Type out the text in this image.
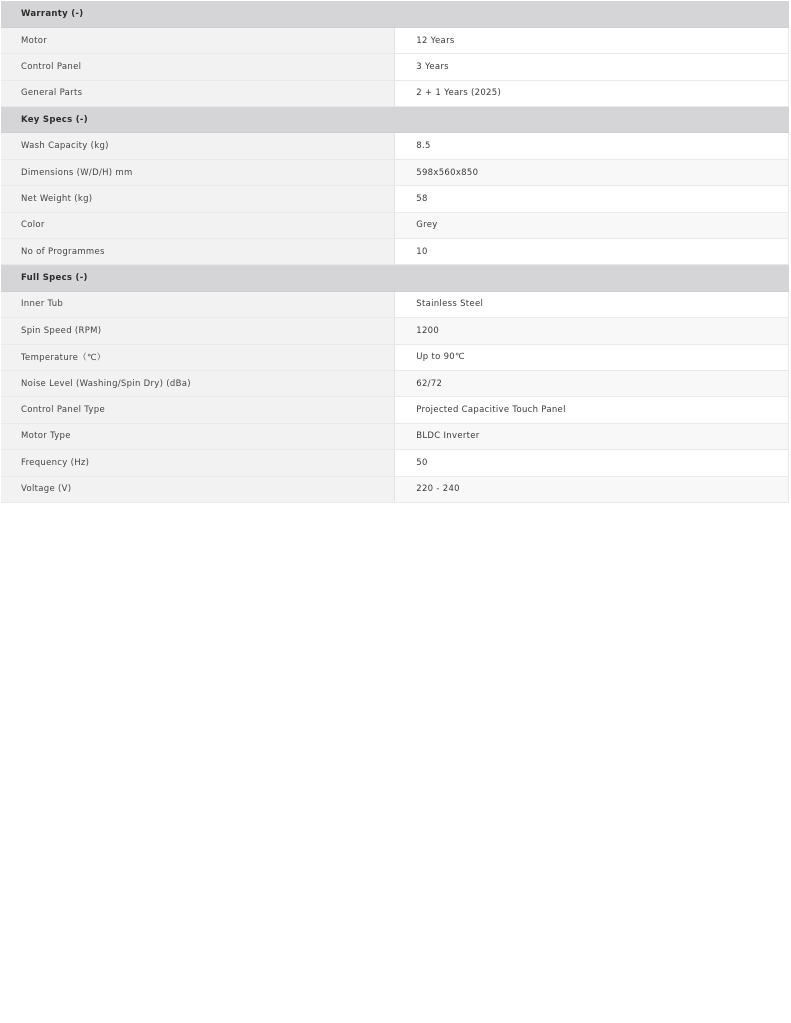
Warranty (-)	
Motor	12 Years
Control Panel	3 Years
General Parts	2 + 1 Years (2025)
Key Specs (-)	
Wash Capacity (kg)	8.5
Dimensions (W/D/H) mm	598x560x850
Net Weight (kg)	58
Color	Grey
No of Programmes	10
Full Specs (-)	
Inner Tub	Stainless Steel
Spin Speed (RPM)	1200
Temperature（℃）	Up to 90℃
Noise Level (Washing/Spin Dry) (dBa)	62/72
Control Panel Type	Projected Capacitive Touch Panel
Motor Type	BLDC Inverter
Frequency (Hz)	50
Voltage (V)	220 - 240
